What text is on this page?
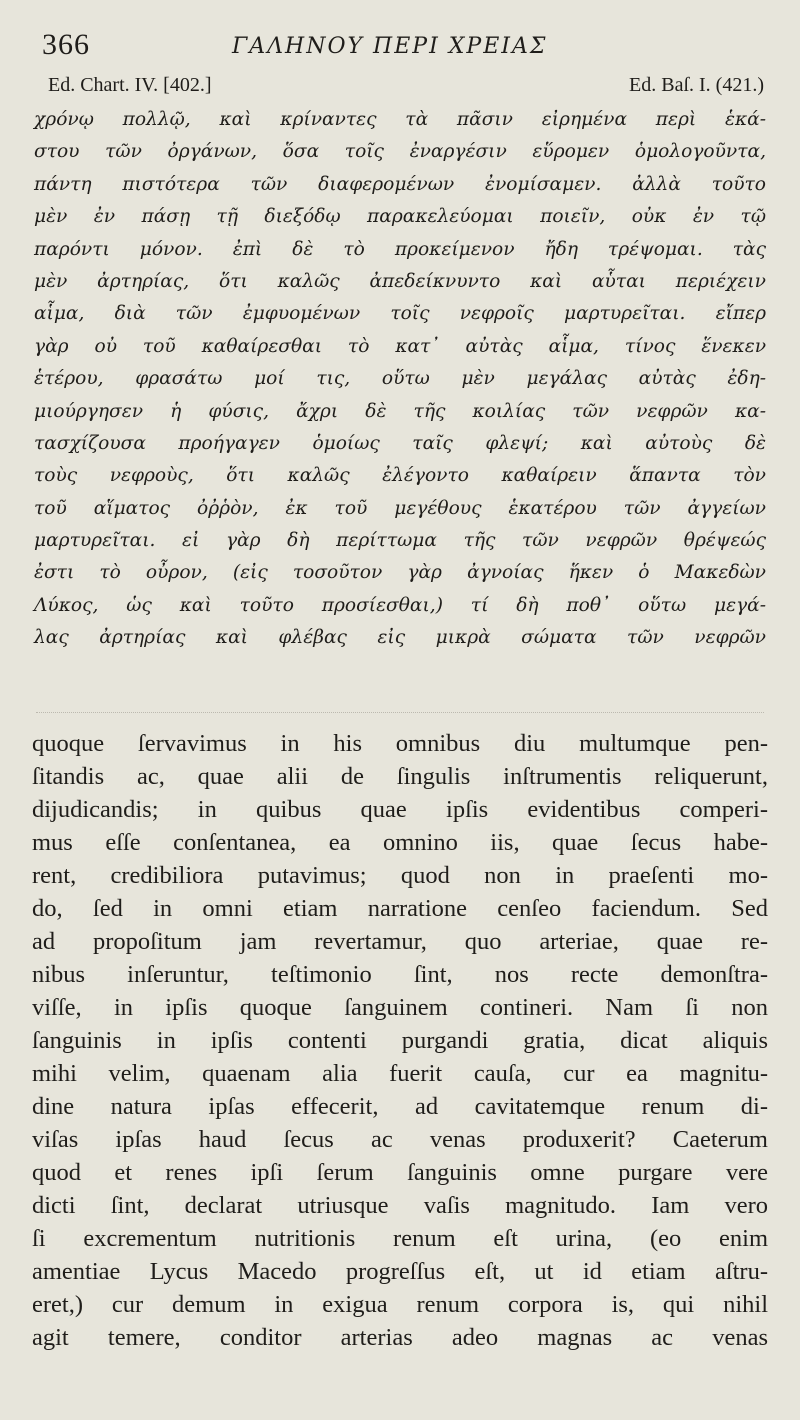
366	ΓΑΛΗΝΟΥ ΠΕΡΙ ΧΡΕΙΑΣ
Ed. Chart. IV. [402.]	Ed. Baſ. I. (421.)
χρόνῳ πολλῷ, καὶ κρίναντες τὰ πᾶσιν εἰρημένα περὶ ἑκά-
στου τῶν ὀργάνων, ὅσα τοῖς ἐναργέσιν εὕρομεν ὁμολογοῦντα,
πάντη πιστότερα τῶν διαφερομένων ἐνομίσαμεν. ἀλλὰ τοῦτο
μὲν ἐν πάσῃ τῇ διεξόδῳ παρακελεύομαι ποιεῖν, οὐκ ἐν τῷ
παρόντι μόνον. ἐπὶ δὲ τὸ προκείμενον ἤδη τρέψομαι. τὰς
μὲν ἀρτηρίας, ὅτι καλῶς ἀπεδείκνυντο καὶ αὗται περιέχειν
αἷμα, διὰ τῶν ἐμφυομένων τοῖς νεφροῖς μαρτυρεῖται. εἴπερ
γὰρ οὐ τοῦ καθαίρεσθαι τὸ κατ᾽ αὐτὰς αἷμα, τίνος ἕνεκεν
ἑτέρου, φρασάτω μοί τις, οὕτω μὲν μεγάλας αὐτὰς ἐδη-
μιούργησεν ἡ φύσις, ἄχρι δὲ τῆς κοιλίας τῶν νεφρῶν κα-
τασχίζουσα προήγαγεν ὁμοίως ταῖς φλεψί; καὶ αὐτοὺς δὲ
τοὺς νεφροὺς, ὅτι καλῶς ἐλέγοντο καθαίρειν ἅπαντα τὸν
τοῦ αἵματος ὀῤῥὸν, ἐκ τοῦ μεγέθους ἑκατέρου τῶν ἀγγείων
μαρτυρεῖται. εἰ γὰρ δὴ περίττωμα τῆς τῶν νεφρῶν θρέψεώς
ἐστι τὸ οὖρον, (εἰς τοσοῦτον γὰρ ἀγνοίας ἥκεν ὁ Μακεδὼν
Λύκος, ὡς καὶ τοῦτο προσίεσθαι,) τί δὴ ποθ᾽ οὕτω μεγά-
λας ἀρτηρίας καὶ φλέβας εἰς μικρὰ σώματα τῶν νεφρῶν
quoque ſervavimus in his omnibus diu multumque pen-
ſitandis ac, quae alii de ſingulis inſtrumentis reliquerunt,
dijudicandis; in quibus quae ipſis evidentibus comperi-
mus eſſe conſentanea, ea omnino iis, quae ſecus habe-
rent, credibiliora putavimus; quod non in praeſenti mo-
do, ſed in omni etiam narratione cenſeo faciendum. Sed
ad propoſitum jam revertamur, quo arteriae, quae re-
nibus inſeruntur, teſtimonio ſint, nos recte demonſtra-
viſſe, in ipſis quoque ſanguinem contineri. Nam ſi non
ſanguinis in ipſis contenti purgandi gratia, dicat aliquis
mihi velim, quaenam alia fuerit cauſa, cur ea magnitu-
dine natura ipſas effecerit, ad cavitatemque renum di-
viſas ipſas haud ſecus ac venas produxerit? Caeterum
quod et renes ipſi ſerum ſanguinis omne purgare vere
dicti ſint, declarat utriusque vaſis magnitudo. Iam vero
ſi excrementum nutritionis renum eſt urina, (eo enim
amentiae Lycus Macedo progreſſus eſt, ut id etiam aſtru-
eret,) cur demum in exigua renum corpora is, qui nihil
agit temere, conditor arterias adeo magnas ac venas
